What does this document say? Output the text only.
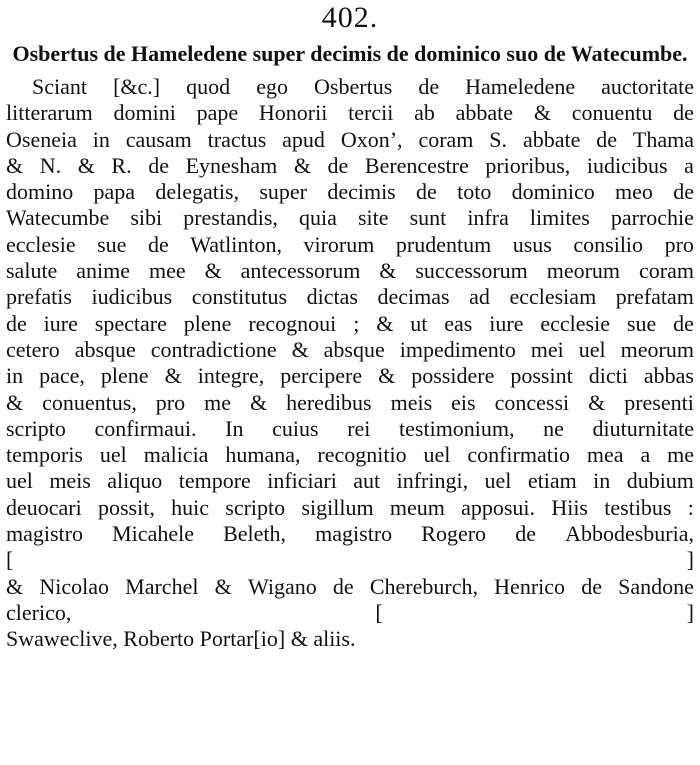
402.
Osbertus de Hameledene super decimis de dominico suo de Watecumbe.
Sciant [&c.] quod ego Osbertus de Hameledene auctoritate
litterarum domini pape Honorii tercii ab abbate & conuentu de
Oseneia in causam tractus apud Oxon’, coram S. abbate de Thama
& N. & R. de Eynesham & de Berencestre prioribus, iudicibus a
domino papa delegatis, super decimis de toto dominico meo de
Watecumbe sibi prestandis, quia site sunt infra limites parrochie
ecclesie sue de Watlinton, virorum prudentum usus consilio pro
salute anime mee & antecessorum & successorum meorum coram
prefatis iudicibus constitutus dictas decimas ad ecclesiam prefatam
de iure spectare plene recognoui ; & ut eas iure ecclesie sue de
cetero absque contradictione & absque impedimento mei uel meorum
in pace, plene & integre, percipere & possidere possint dicti abbas
& conuentus, pro me & heredibus meis eis concessi & presenti
scripto confirmaui. In cuius rei testimonium, ne diuturnitate
temporis uel malicia humana, recognitio uel confirmatio mea a me
uel meis aliquo tempore inficiari aut infringi, uel etiam in dubium
deuocari possit, huic scripto sigillum meum apposui. Hiis testibus :
magistro Micahele Beleth, magistro Rogero de Abbodesburia,
[	]
& Nicolao Marchel & Wigano de Chereburch, Henrico de Sandone
clerico,	[	]
Swaweclive, Roberto Portar[io] & aliis.
